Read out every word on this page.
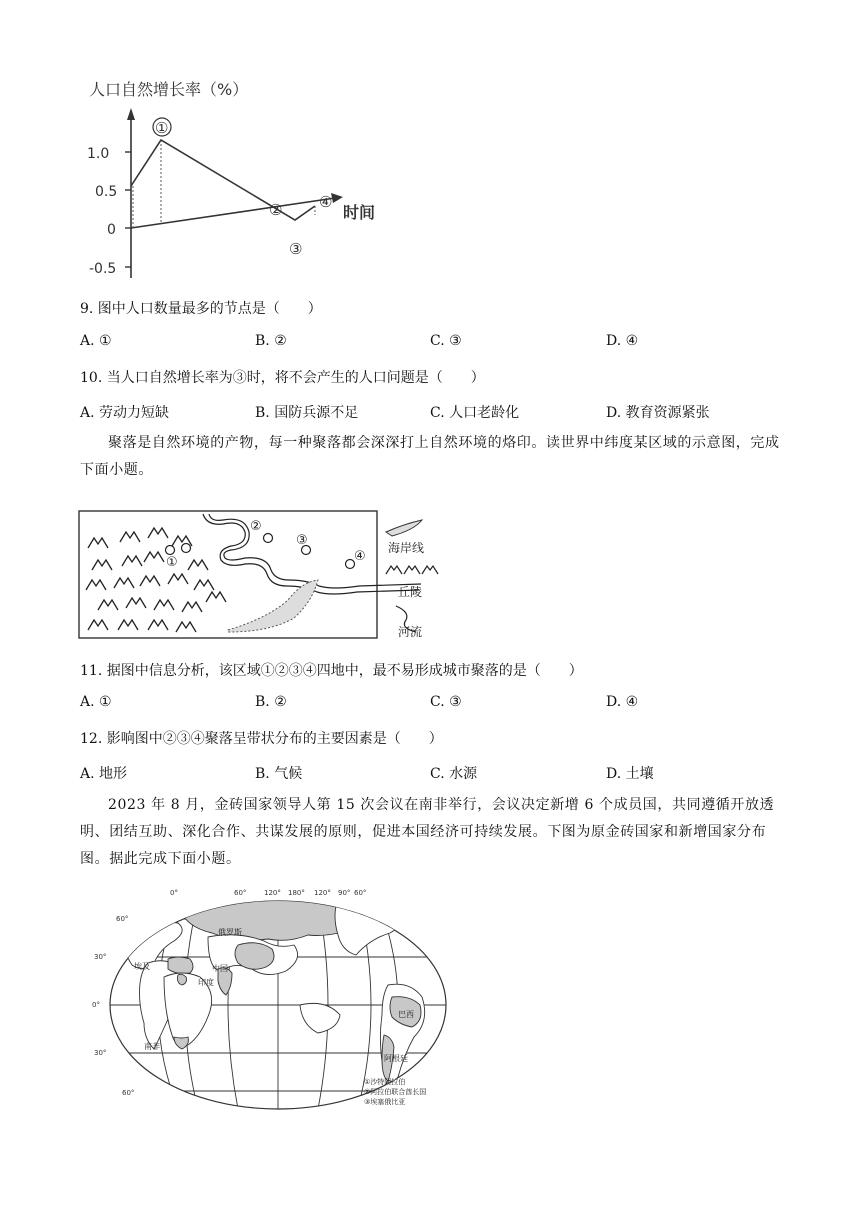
人口自然增长率（%）
1.0
0.5
0
-0.5
时间
①
②
③
④
9. 图中人口数量最多的节点是（　　）
A. ①	B. ②	C. ③	D. ④
10. 当人口自然增长率为③时，将不会产生的人口问题是（　　）
A. 劳动力短缺	B. 国防兵源不足	C. 人口老龄化	D. 教育资源紧张
聚落是自然环境的产物，每一种聚落都会深深打上自然环境的烙印。读世界中纬度某区域的示意图，完成下面小题。
①
②
③
④
海岸线
丘陵
河流
11. 据图中信息分析，该区域①②③④四地中，最不易形成城市聚落的是（　　）
A. ①	B. ②	C. ③	D. ④
12. 影响图中②③④聚落呈带状分布的主要因素是（　　）
A. 地形	B. 气候	C. 水源	D. 土壤
2023 年 8 月，金砖国家领导人第 15 次会议在南非举行，会议决定新增 6 个成员国，共同遵循开放透明、团结互助、深化合作、共谋发展的原则，促进本国经济可持续发展。下图为原金砖国家和新增国家分布图。据此完成下面小题。
0°	60°	120° 180° 120° 90° 60°
60°
30°
0°
30°
60°
俄罗斯
中国
印度
埃及
巴西
南非
阿根廷
①沙特阿拉伯
②阿拉伯联合酋长国
③埃塞俄比亚
